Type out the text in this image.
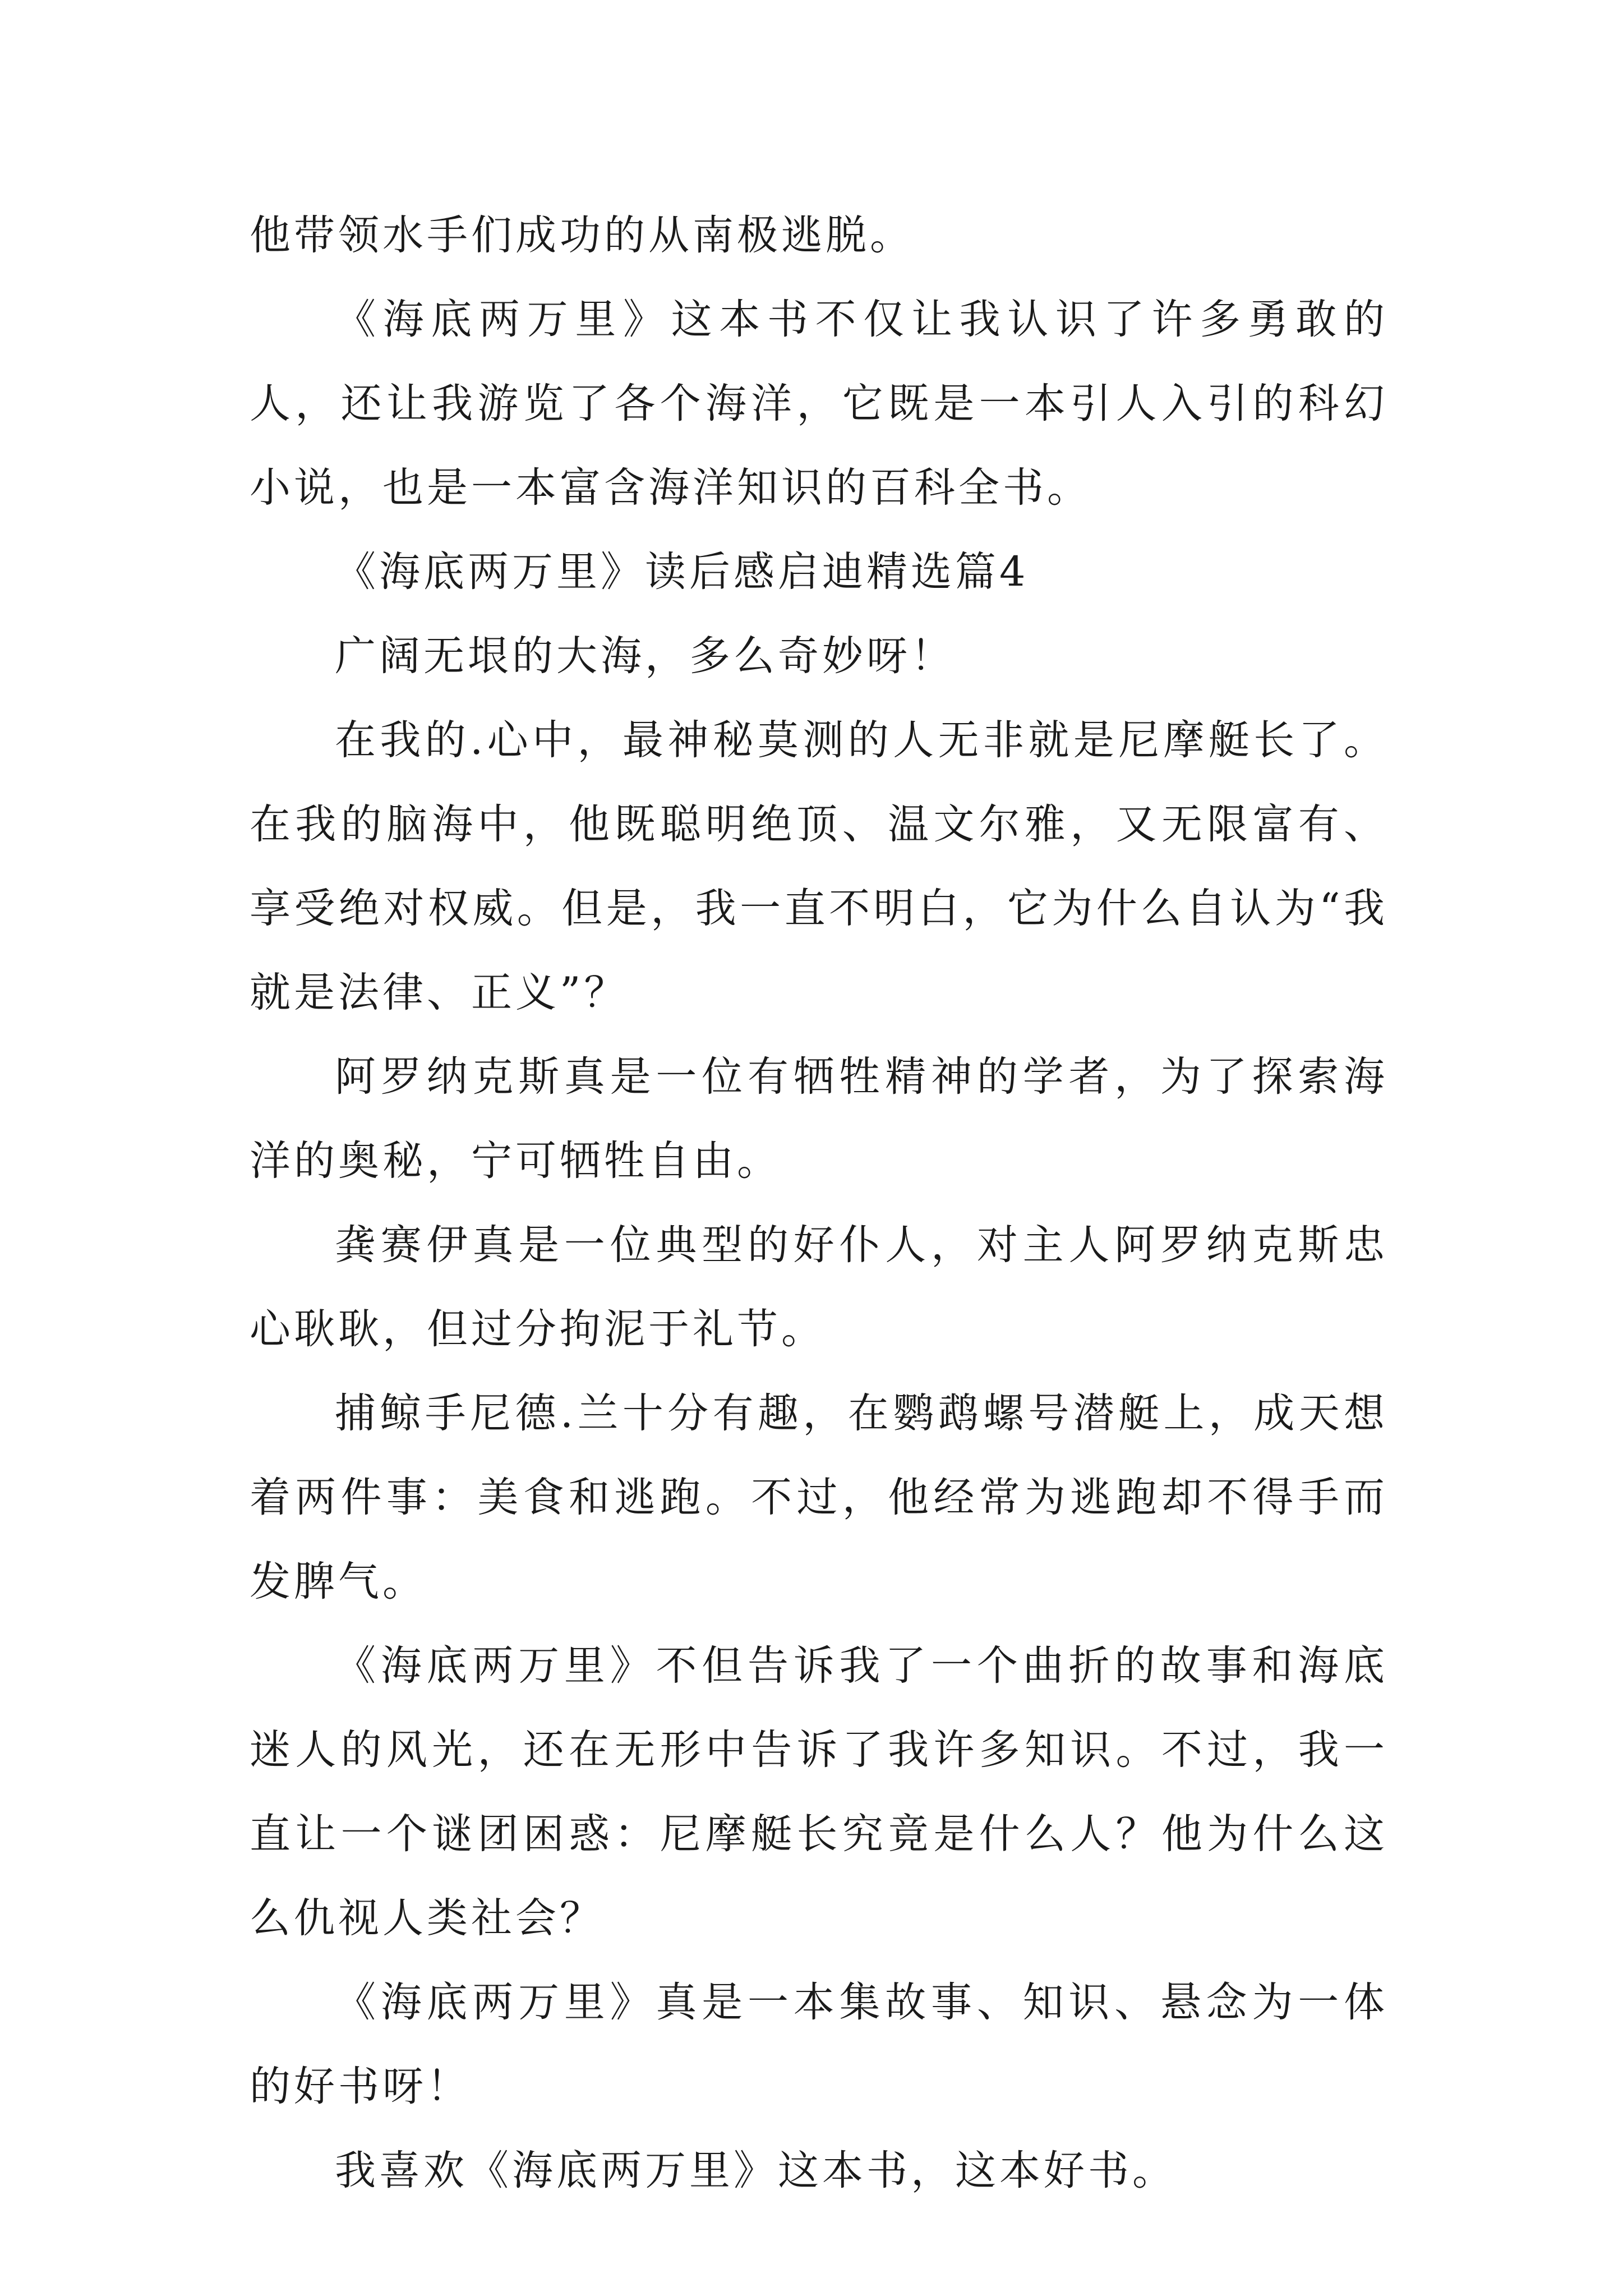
他带领水手们成功的从南极逃脱。

《海底两万里》这本书不仅让我认识了许多勇敢的人，还让我游览了各个海洋，它既是一本引人入引的科幻小说，也是一本富含海洋知识的百科全书。

《海底两万里》读后感启迪精选篇4

广阔无垠的大海，多么奇妙呀！

在我的.心中，最神秘莫测的人无非就是尼摩艇长了。在我的脑海中，他既聪明绝顶、温文尔雅，又无限富有、享受绝对权威。但是，我一直不明白，它为什么自认为“我就是法律、正义”？

阿罗纳克斯真是一位有牺牲精神的学者，为了探索海洋的奥秘，宁可牺牲自由。

龚赛伊真是一位典型的好仆人，对主人阿罗纳克斯忠心耿耿，但过分拘泥于礼节。

捕鲸手尼德.兰十分有趣，在鹦鹉螺号潜艇上，成天想着两件事：美食和逃跑。不过，他经常为逃跑却不得手而发脾气。

《海底两万里》不但告诉我了一个曲折的故事和海底迷人的风光，还在无形中告诉了我许多知识。不过，我一直让一个谜团困惑：尼摩艇长究竟是什么人？他为什么这么仇视人类社会？

《海底两万里》真是一本集故事、知识、悬念为一体的好书呀！

我喜欢《海底两万里》这本书，这本好书。
